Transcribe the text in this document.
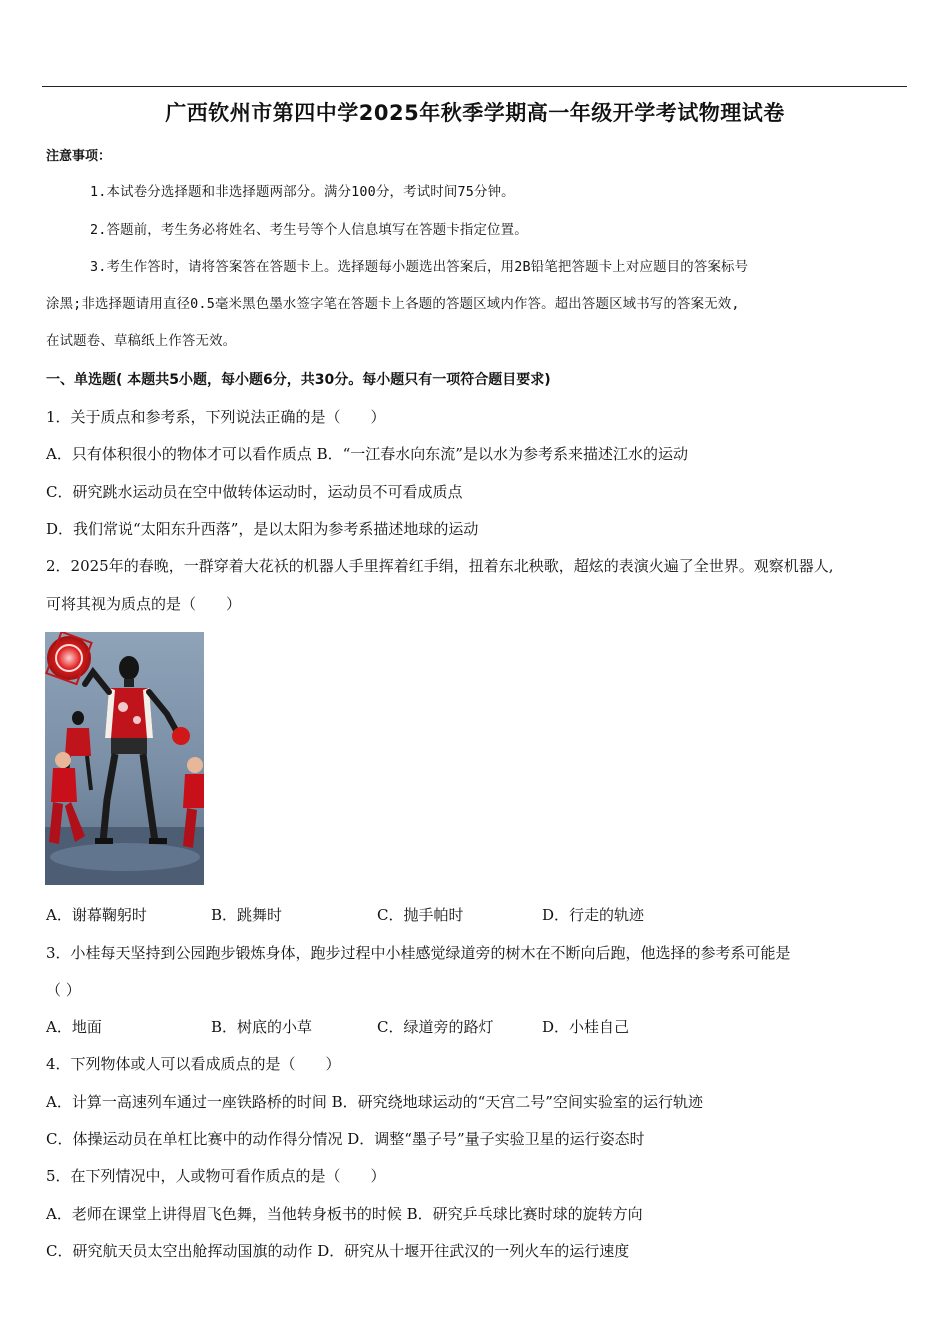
广西钦州市第四中学2025年秋季学期高一年级开学考试物理试卷
注意事项：
1.本试卷分选择题和非选择题两部分。满分100分，考试时间75分钟。
2.答题前，考生务必将姓名、考生号等个人信息填写在答题卡指定位置。
3.考生作答时，请将答案答在答题卡上。选择题每小题选出答案后，用2B铅笔把答题卡上对应题目的答案标号
涂黑;非选择题请用直径0.5毫米黑色墨水签字笔在答题卡上各题的答题区域内作答。超出答题区域书写的答案无效,
在试题卷、草稿纸上作答无效。
一、单选题( 本题共5小题，每小题6分，共30分。每小题只有一项符合题目要求)
1．关于质点和参考系，下列说法正确的是（　　）
A．只有体积很小的物体才可以看作质点 B．“一江春水向东流”是以水为参考系来描述江水的运动
C．研究跳水运动员在空中做转体运动时，运动员不可看成质点
D．我们常说“太阳东升西落”，是以太阳为参考系描述地球的运动
2．2025年的春晚，一群穿着大花袄的机器人手里挥着红手绢，扭着东北秧歌，超炫的表演火遍了全世界。观察机器人,
可将其视为质点的是（　　）
A．谢幕鞠躬时	B．跳舞时	C．抛手帕时	D．行走的轨迹
3．小桂每天坚持到公园跑步锻炼身体，跑步过程中小桂感觉绿道旁的树木在不断向后跑，他选择的参考系可能是
（ ）
A．地面	B．树底的小草	C．绿道旁的路灯	D．小桂自己
4．下列物体或人可以看成质点的是（　　）
A．计算一高速列车通过一座铁路桥的时间 B．研究绕地球运动的“天宫二号”空间实验室的运行轨迹
C．体操运动员在单杠比赛中的动作得分情况 D．调整“墨子号”量子实验卫星的运行姿态时
5．在下列情况中，人或物可看作质点的是（　　）
A．老师在课堂上讲得眉飞色舞，当他转身板书的时候 B．研究乒乓球比赛时球的旋转方向
C．研究航天员太空出舱挥动国旗的动作 D．研究从十堰开往武汉的一列火车的运行速度
